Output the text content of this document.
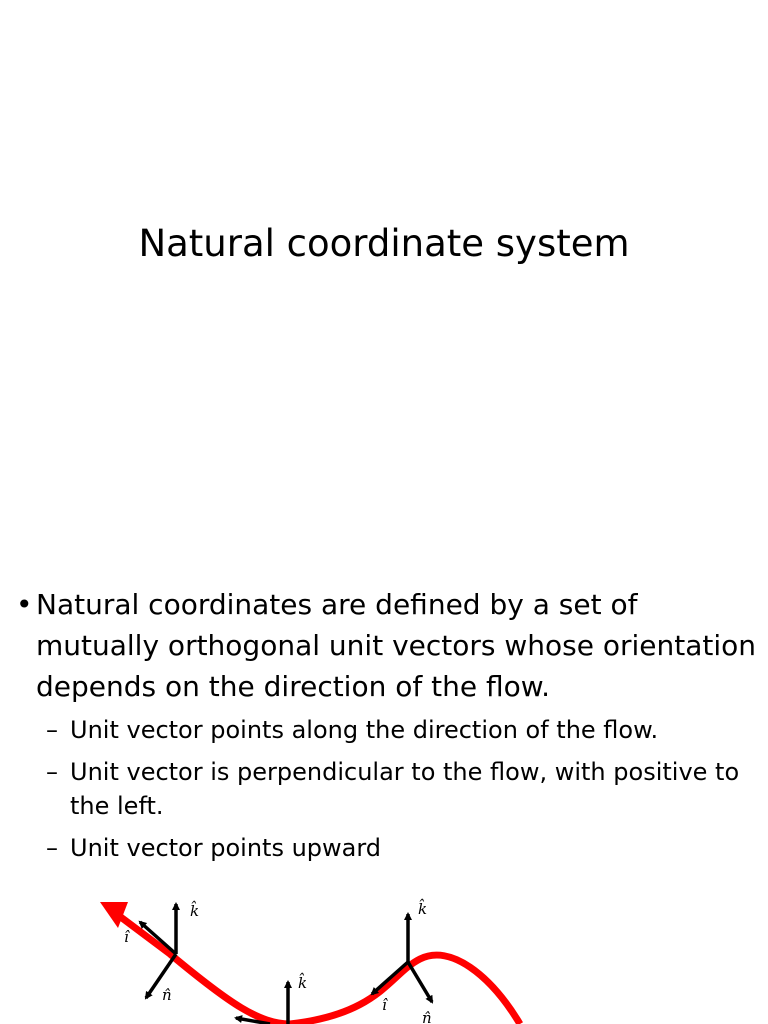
Natural coordinate system

• Natural coordinates are defined by a set of mutually orthogonal unit vectors whose orientation depends on the direction of the flow.

– Unit vector points along the direction of the flow.
– Unit vector is perpendicular to the flow, with positive to the left.
– Unit vector points upward
k̂
î
n̂
k̂
k̂
î
n̂
